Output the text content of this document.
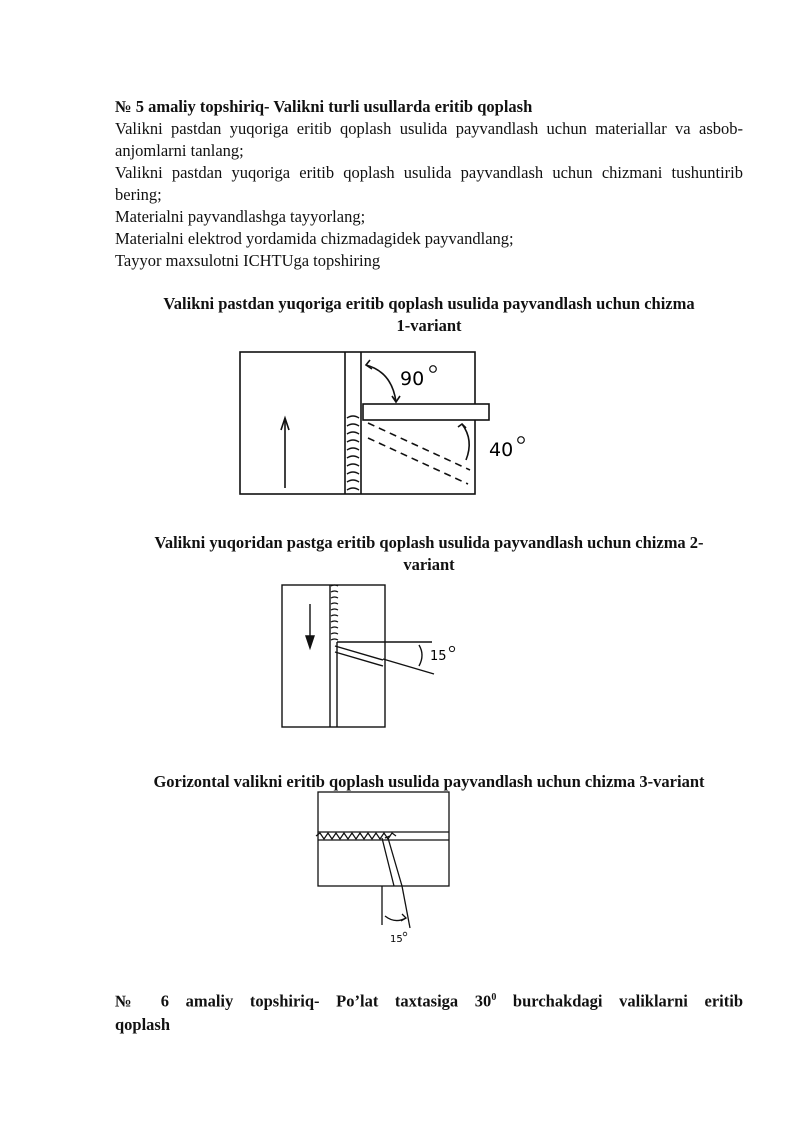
№ 5 amaliy topshiriq- Valikni turli usullarda eritib qoplash

Valikni pastdan yuqoriga eritib qoplash usulida payvandlash uchun materiallar va asbob-anjomlarni tanlang;

Valikni pastdan yuqoriga eritib qoplash usulida payvandlash uchun chizmani tushuntirib bering;

Materialni payvandlashga tayyorlang;

Materialni elektrod yordamida chizmadagidek payvandlang;

Tayyor maxsulotni ICHTUga topshiring

Valikni pastdan yuqoriga eritib qoplash usulida payvandlash uchun chizma

1-variant

90
40

Valikni yuqoridan pastga eritib qoplash usulida payvandlash uchun chizma 2-

variant

15

Gorizontal valikni eritib qoplash usulida payvandlash uchun chizma 3-variant

15

№ 6 amaliy topshiriq- Po’lat taxtasiga $30^0$ burchakdagi valiklarni eritib

qoplash
